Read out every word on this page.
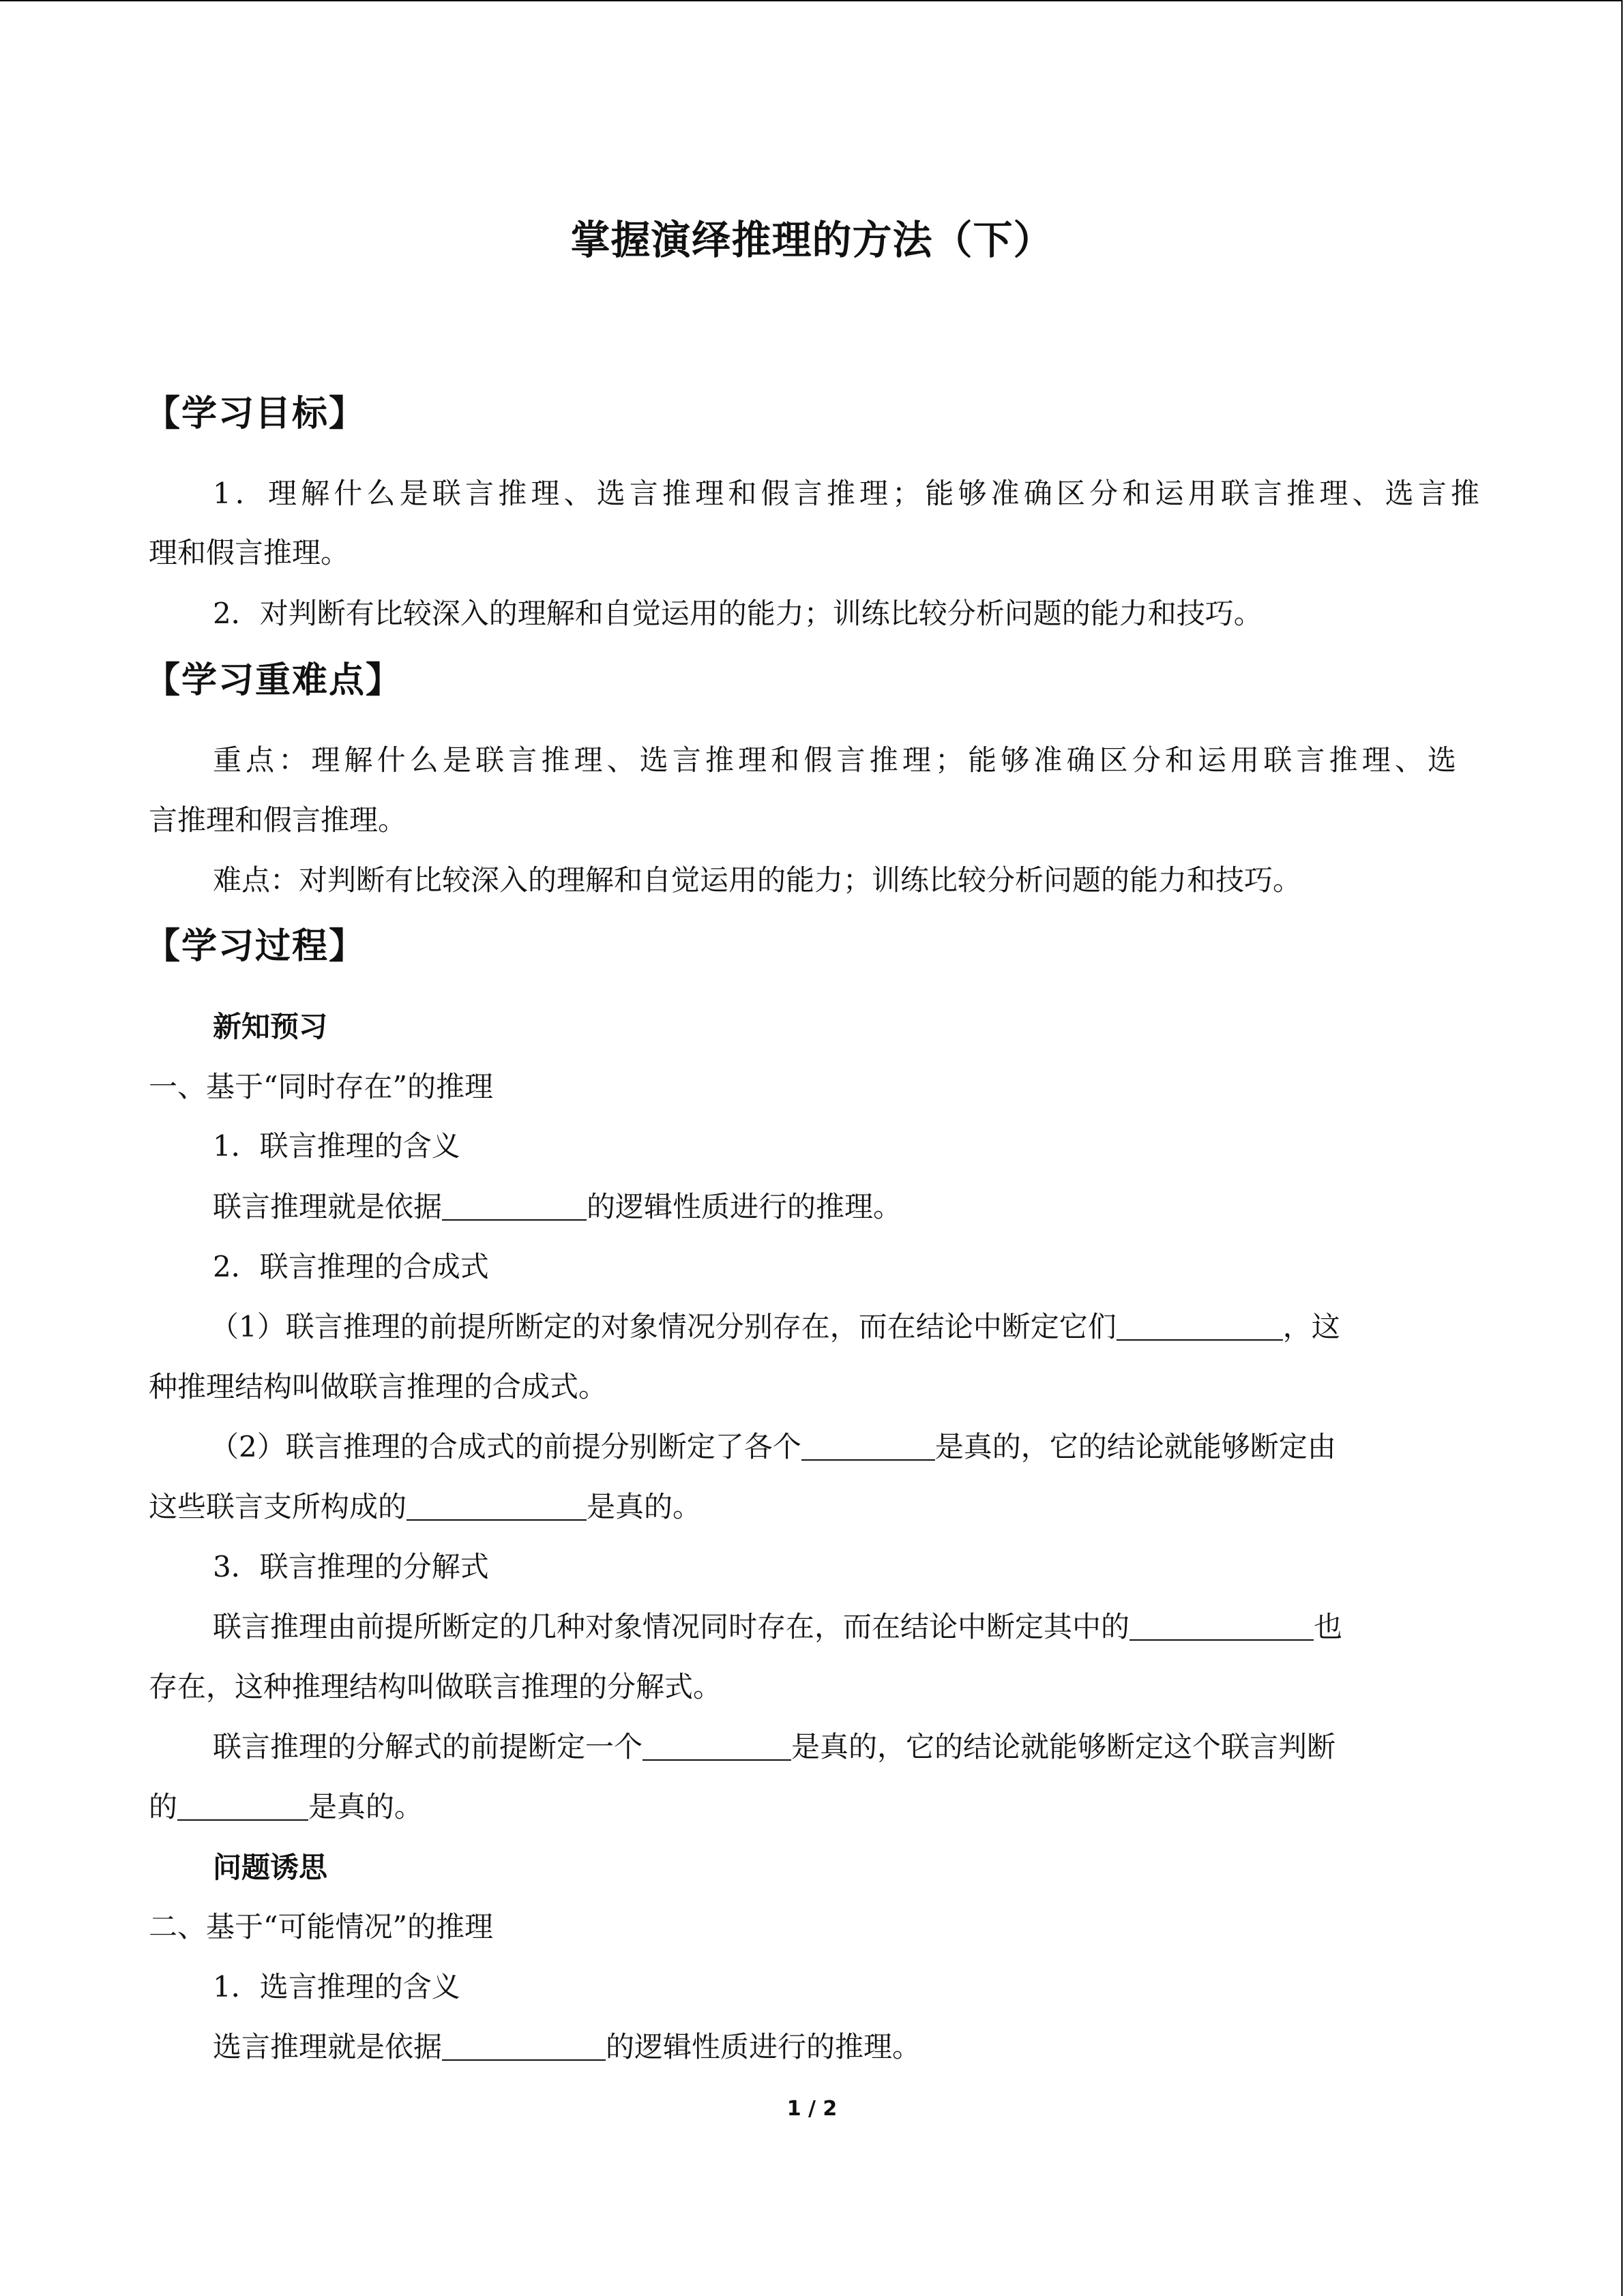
掌握演绎推理的方法（下）
【学习目标】
1．理解什么是联言推理、选言推理和假言推理；能够准确区分和运用联言推理、选言推
理和假言推理。
2．对判断有比较深入的理解和自觉运用的能力；训练比较分析问题的能力和技巧。
【学习重难点】
重点：理解什么是联言推理、选言推理和假言推理；能够准确区分和运用联言推理、选
言推理和假言推理。
难点：对判断有比较深入的理解和自觉运用的能力；训练比较分析问题的能力和技巧。
【学习过程】
新知预习
一、基于“同时存在”的推理
1．联言推理的含义
联言推理就是依据	的逻辑性质进行的推理。
2．联言推理的合成式
（1）联言推理的前提所断定的对象情况分别存在，而在结论中断定它们	，这
种推理结构叫做联言推理的合成式。
（2）联言推理的合成式的前提分别断定了各个	是真的，它的结论就能够断定由
这些联言支所构成的	是真的。
3．联言推理的分解式
联言推理由前提所断定的几种对象情况同时存在，而在结论中断定其中的	也
存在，这种推理结构叫做联言推理的分解式。
联言推理的分解式的前提断定一个	是真的，它的结论就能够断定这个联言判断
的	是真的。
问题诱思
二、基于“可能情况”的推理
1．选言推理的含义
选言推理就是依据	的逻辑性质进行的推理。
1 / 2
